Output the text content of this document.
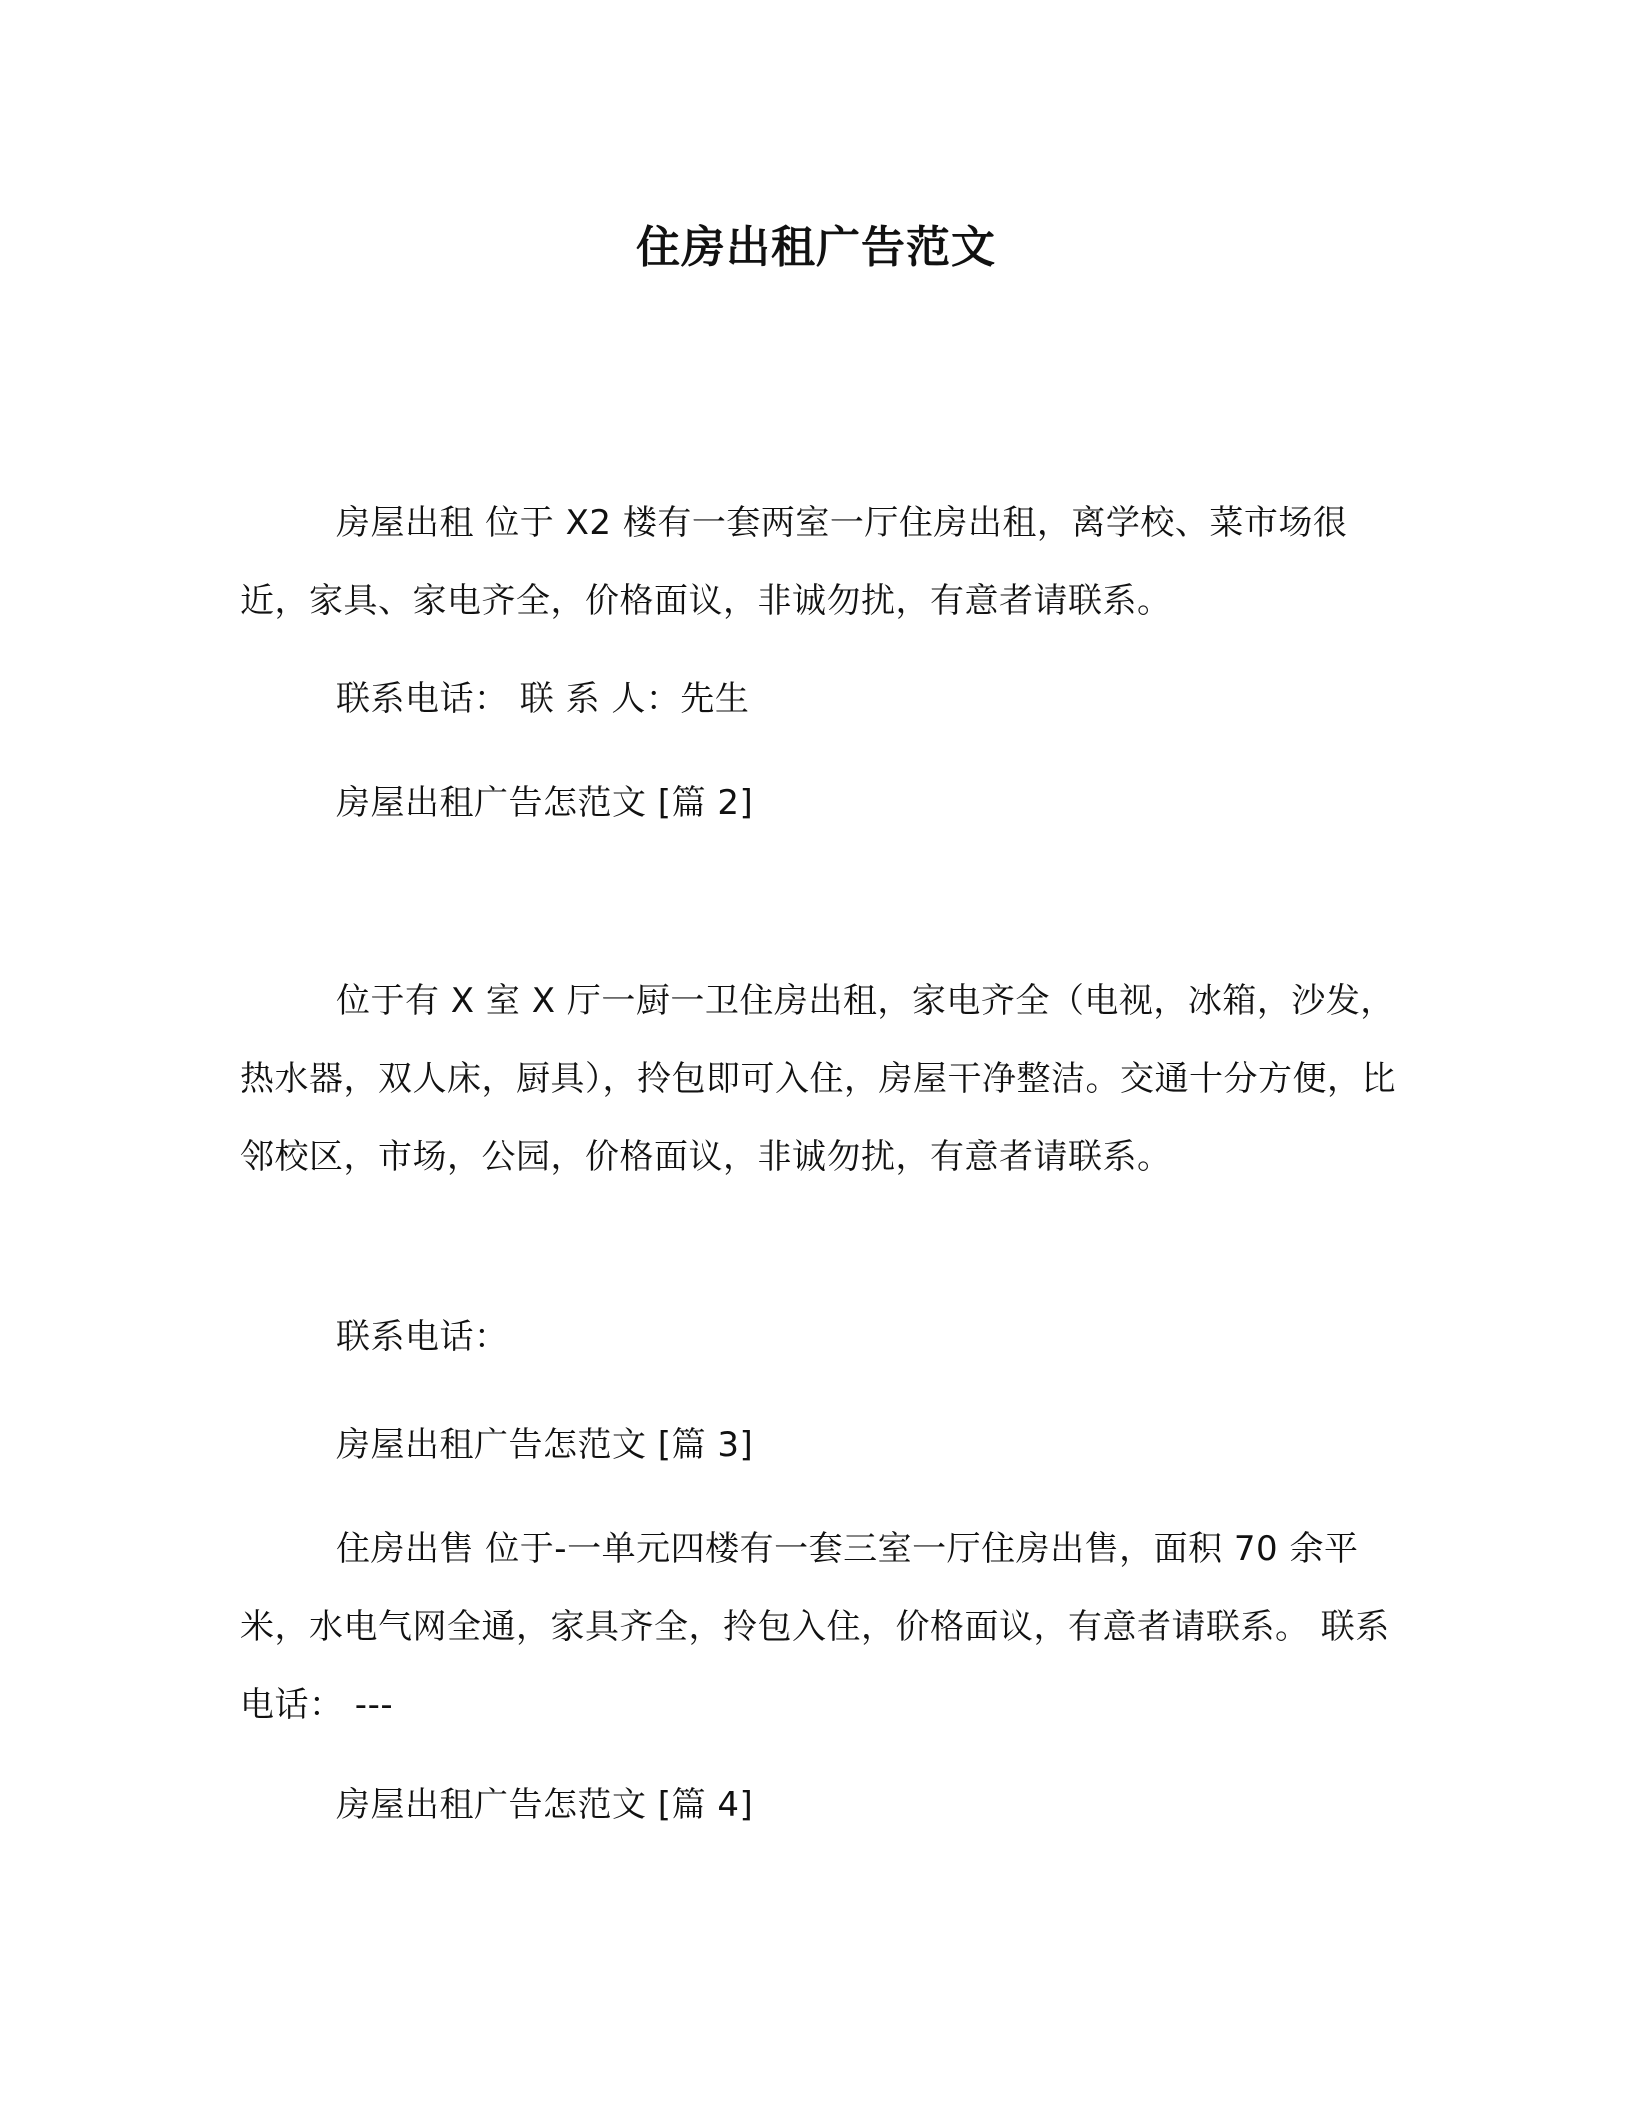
住房出租广告范文

房屋出租 位于 X2 楼有一套两室一厅住房出租，离学校、菜市场很近，家具、家电齐全，价格面议，非诚勿扰，有意者请联系。

联系电话： 联 系 人：先生

房屋出租广告怎范文 [篇 2]

位于有 X 室 X 厅一厨一卫住房出租，家电齐全（电视，冰箱，沙发，热水器，双人床，厨具），拎包即可入住，房屋干净整洁。交通十分方便，比邻校区，市场，公园，价格面议，非诚勿扰，有意者请联系。

联系电话：

房屋出租广告怎范文 [篇 3]

住房出售 位于-一单元四楼有一套三室一厅住房出售，面积 70 余平米，水电气网全通，家具齐全，拎包入住，价格面议，有意者请联系。 联系电话： ---

房屋出租广告怎范文 [篇 4]
